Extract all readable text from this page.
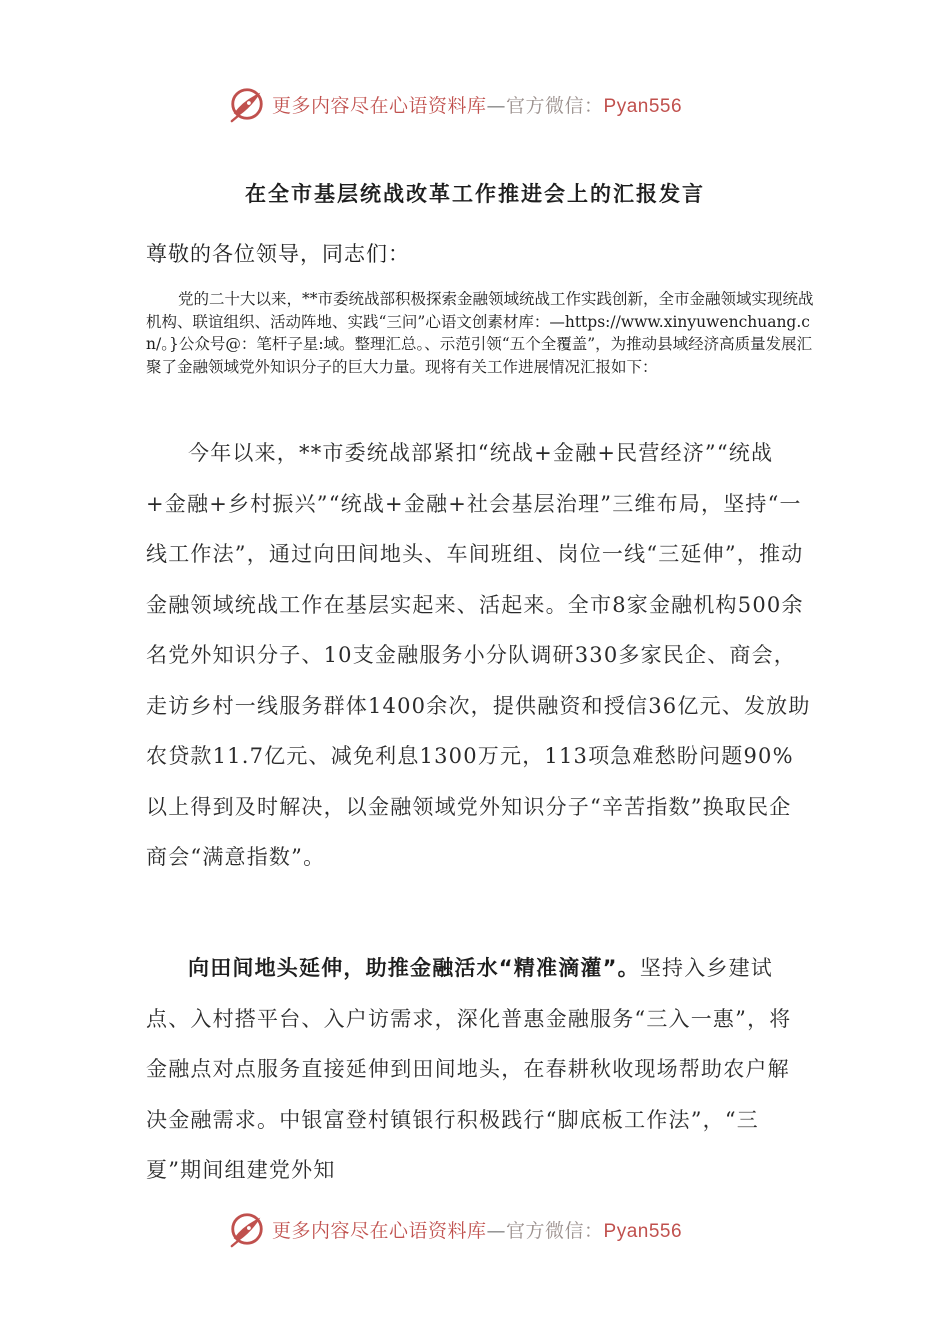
更多内容尽在心语资料库—官方微信：Pyan556
在全市基层统战改革工作推进会上的汇报发言

尊敬的各位领导，同志们：

党的二十大以来，**市委统战部积极探索金融领域统战工作实践创新，全市金融领域实现统战机构、联谊组织、活动阵地、实践“三问”心语文创素材库：—https://www.xinyuwenchuang.cn/。}公众号@：笔杆子星:域。整理汇总。、示范引领“五个全覆盖”，为推动县域经济高质量发展汇聚了金融领域党外知识分子的巨大力量。现将有关工作进展情况汇报如下：

今年以来，**市委统战部紧扣“统战+金融+民营经济”“统战+金融+乡村振兴”“统战+金融+社会基层治理”三维布局，坚持“一线工作法”，通过向田间地头、车间班组、岗位一线“三延伸”，推动金融领域统战工作在基层实起来、活起来。全市8家金融机构500余名党外知识分子、10支金融服务小分队调研330多家民企、商会，走访乡村一线服务群体1400余次，提供融资和授信36亿元、发放助农贷款11.7亿元、减免利息1300万元，113项急难愁盼问题90%以上得到及时解决，以金融领域党外知识分子“辛苦指数”换取民企商会“满意指数”。

向田间地头延伸，助推金融活水“精准滴灌”。坚持入乡建试点、入村搭平台、入户访需求，深化普惠金融服务“三入一惠”，将金融点对点服务直接延伸到田间地头，在春耕秋收现场帮助农户解决金融需求。中银富登村镇银行积极践行“脚底板工作法”，“三夏”期间组建党外知

更多内容尽在心语资料库—官方微信：Pyan556
